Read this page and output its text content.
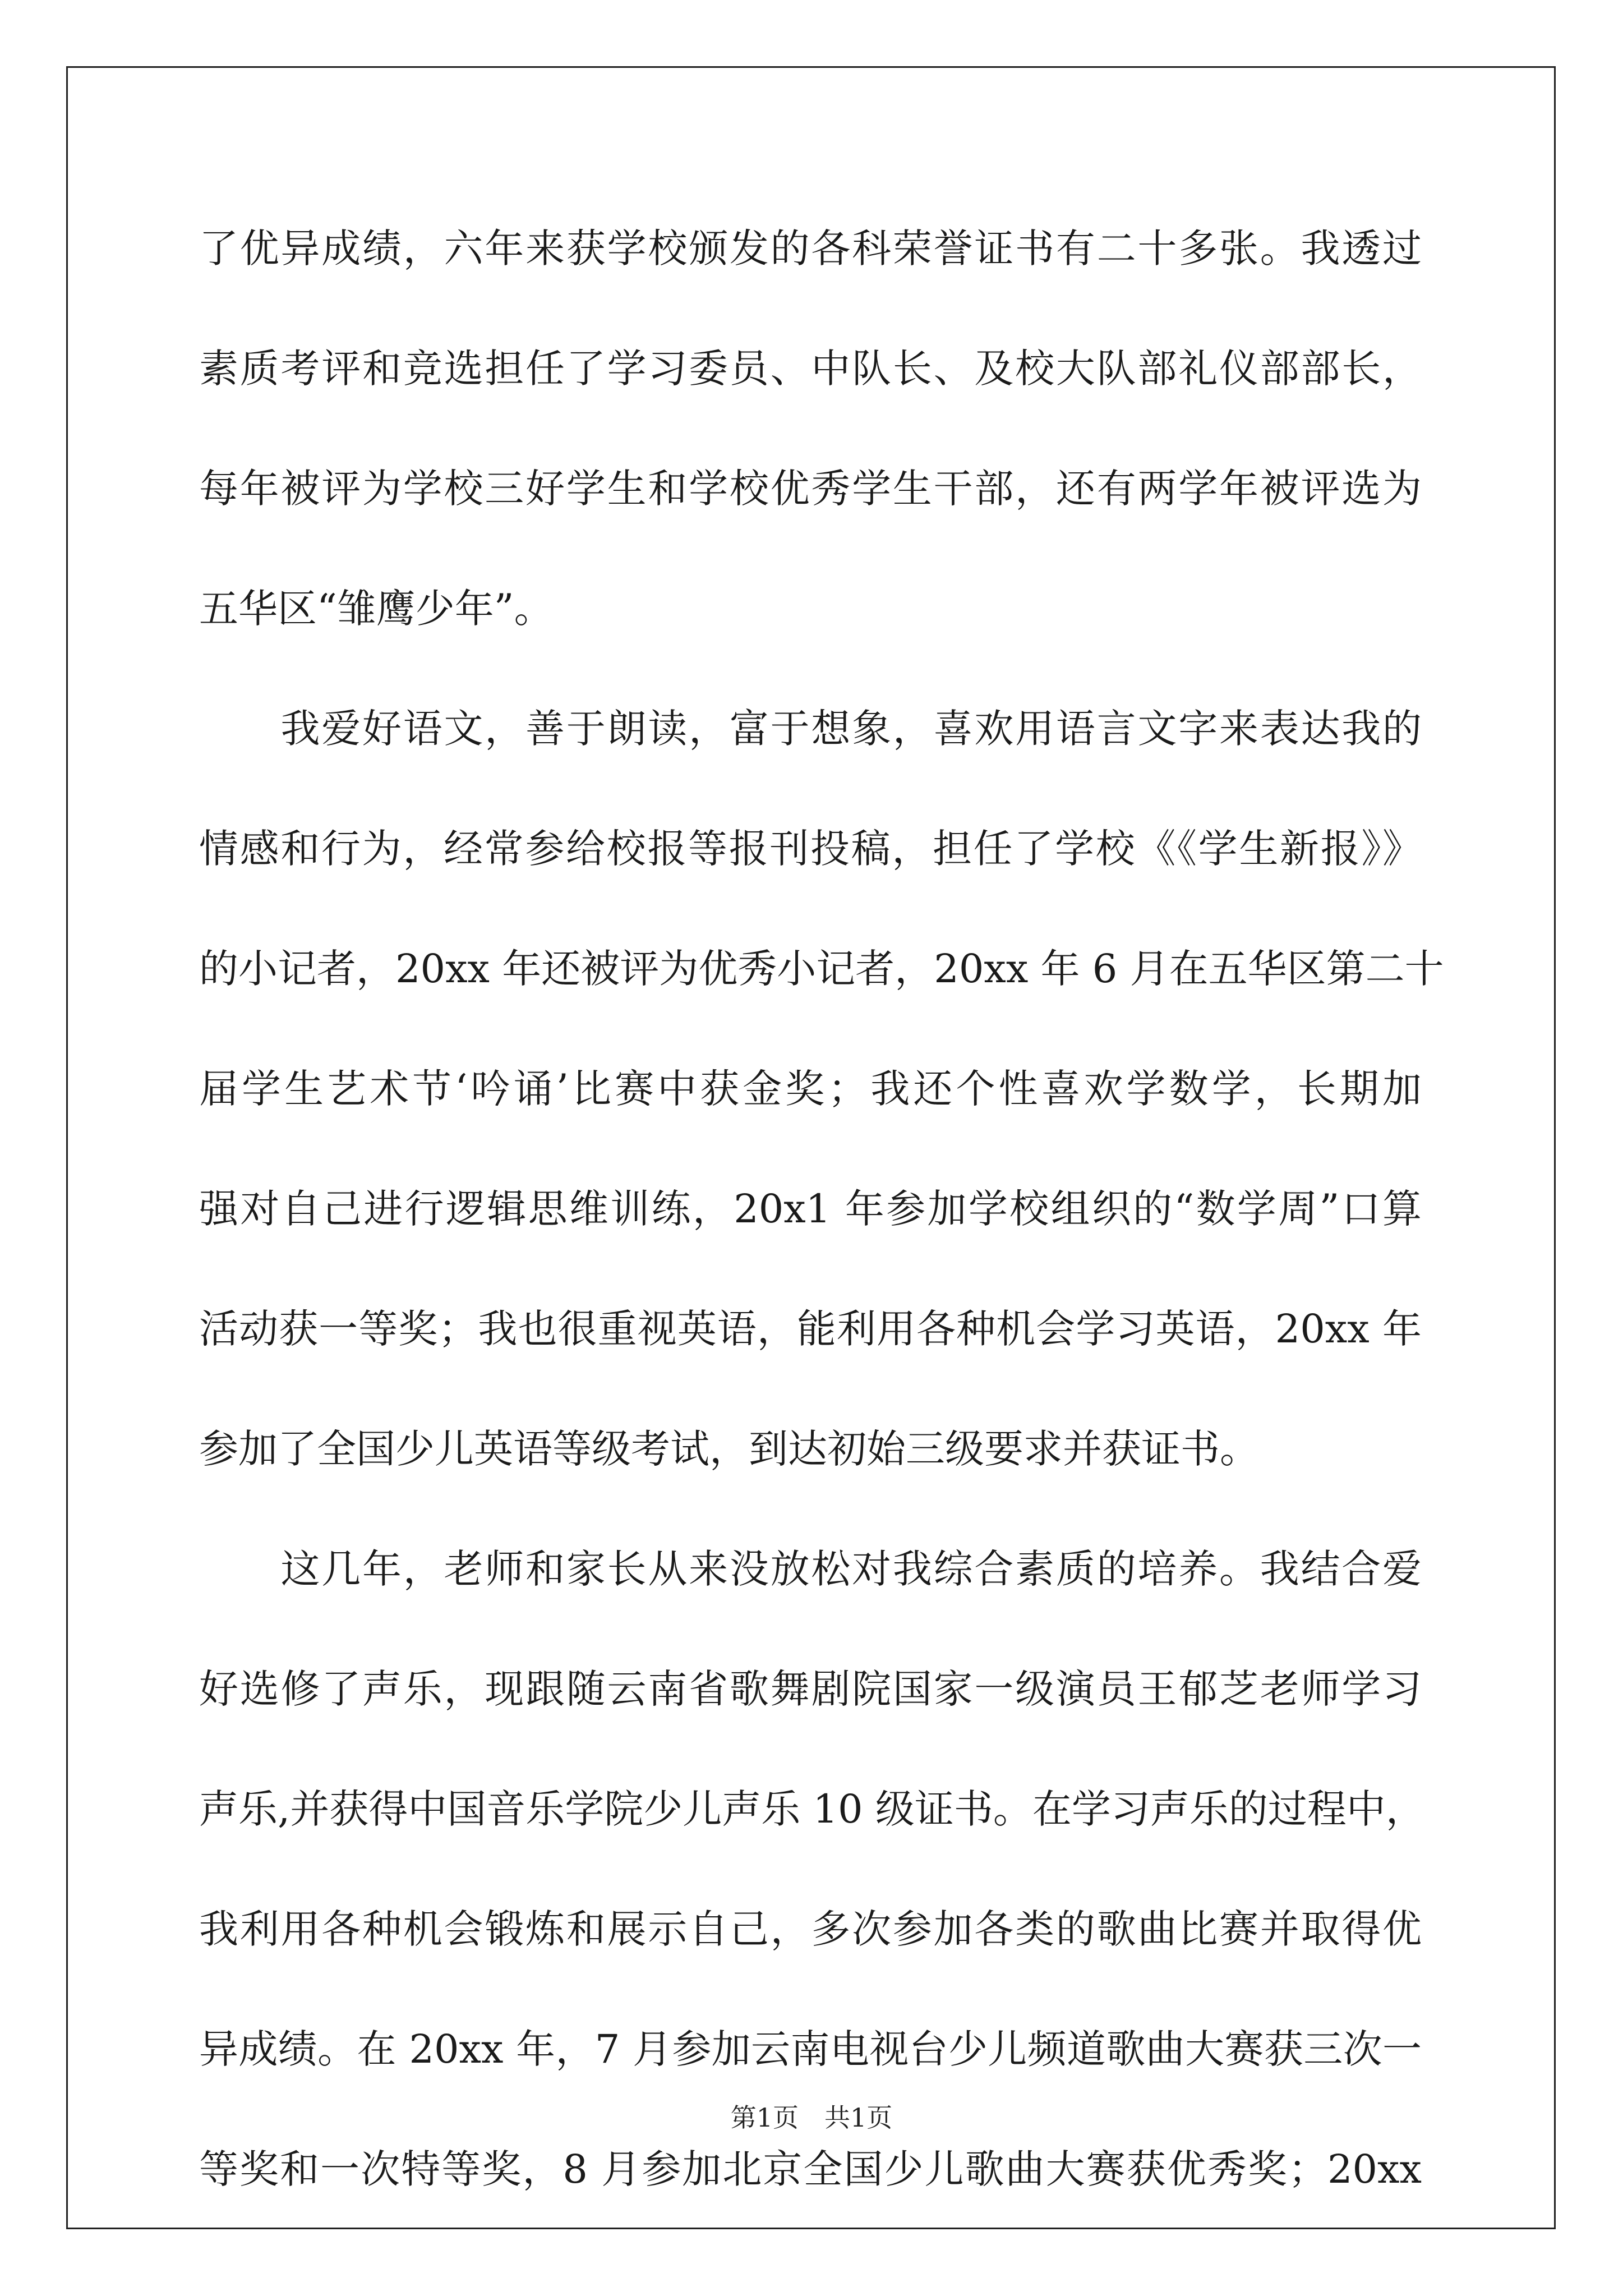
了优异成绩，六年来获学校颁发的各科荣誉证书有二十多张。我透过
素质考评和竞选担任了学习委员、中队长、及校大队部礼仪部部长，
每年被评为学校三好学生和学校优秀学生干部，还有两学年被评选为
五华区“雏鹰少年”。
　　我爱好语文，善于朗读，富于想象，喜欢用语言文字来表达我的
情感和行为，经常参给校报等报刊投稿，担任了学校《《学生新报》》
的小记者，20xx 年还被评为优秀小记者，20xx 年 6 月在五华区第二十
届学生艺术节‘吟诵’比赛中获金奖；我还个性喜欢学数学，长期加
强对自己进行逻辑思维训练，20x1 年参加学校组织的“数学周”口算
活动获一等奖；我也很重视英语，能利用各种机会学习英语，20xx 年
参加了全国少儿英语等级考试，到达初始三级要求并获证书。
　　这几年，老师和家长从来没放松对我综合素质的培养。我结合爱
好选修了声乐，现跟随云南省歌舞剧院国家一级演员王郁芝老师学习
声乐,并获得中国音乐学院少儿声乐 10 级证书。在学习声乐的过程中，
我利用各种机会锻炼和展示自己，多次参加各类的歌曲比赛并取得优
异成绩。在 20xx 年，7 月参加云南电视台少儿频道歌曲大赛获三次一
等奖和一次特等奖，8 月参加北京全国少儿歌曲大赛获优秀奖；20xx
第1页　共1页
